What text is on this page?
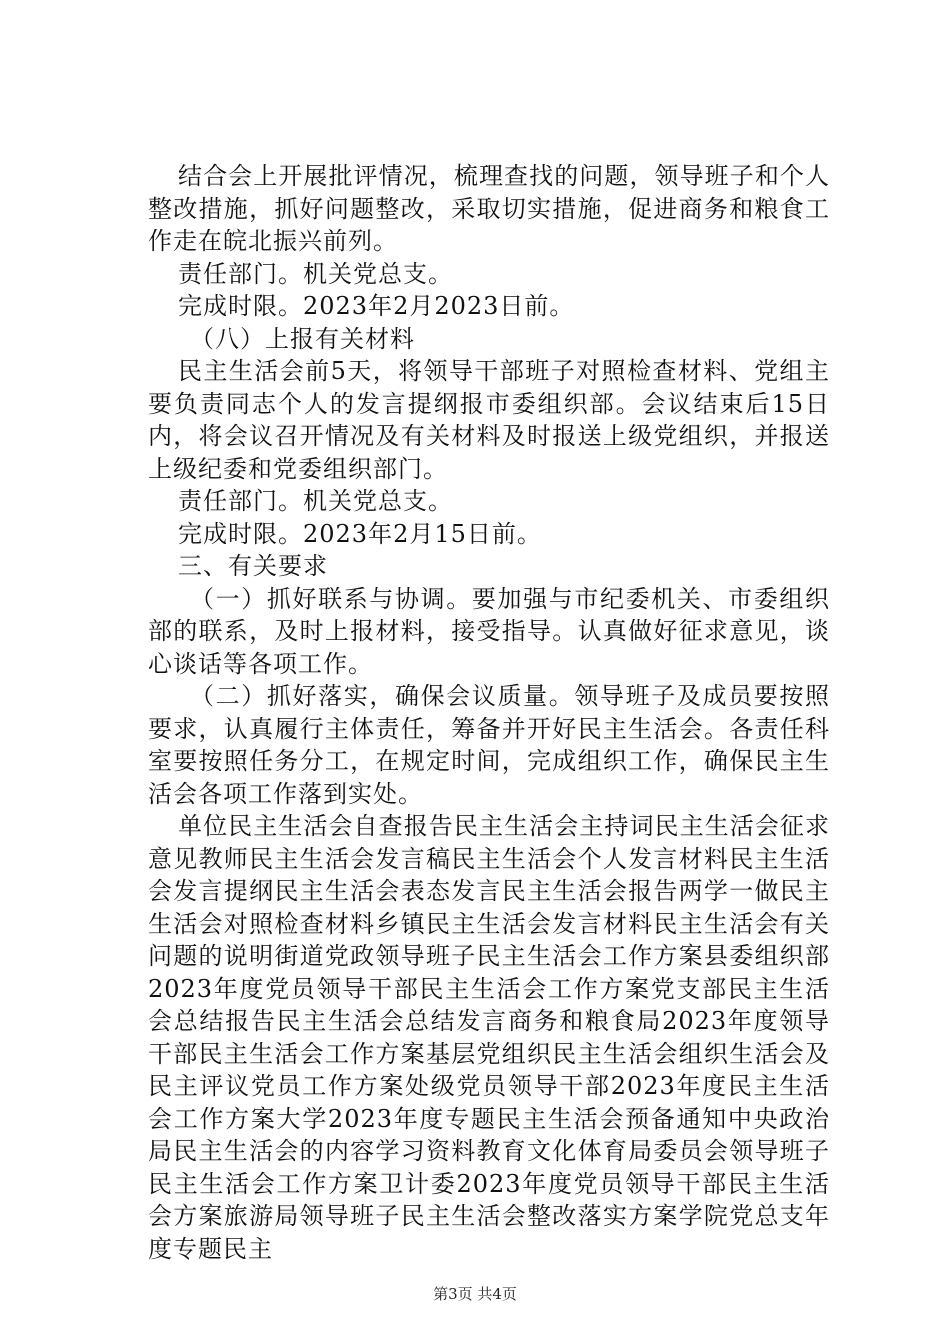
结合会上开展批评情况，梳理查找的问题，领导班子和个人整改措施，抓好问题整改，采取切实措施，促进商务和粮食工作走在皖北振兴前列。

责任部门。机关党总支。

完成时限。2023年2月2023日前。

（八）上报有关材料

民主生活会前5天，将领导干部班子对照检查材料、党组主要负责同志个人的发言提纲报市委组织部。会议结束后15日内，将会议召开情况及有关材料及时报送上级党组织，并报送上级纪委和党委组织部门。

责任部门。机关党总支。

完成时限。2023年2月15日前。

三、有关要求

（一）抓好联系与协调。要加强与市纪委机关、市委组织部的联系，及时上报材料，接受指导。认真做好征求意见，谈心谈话等各项工作。

（二）抓好落实，确保会议质量。领导班子及成员要按照要求，认真履行主体责任，筹备并开好民主生活会。各责任科室要按照任务分工，在规定时间，完成组织工作，确保民主生活会各项工作落到实处。

单位民主生活会自查报告民主生活会主持词民主生活会征求意见教师民主生活会发言稿民主生活会个人发言材料民主生活会发言提纲民主生活会表态发言民主生活会报告两学一做民主生活会对照检查材料乡镇民主生活会发言材料民主生活会有关问题的说明街道党政领导班子民主生活会工作方案县委组织部2023年度党员领导干部民主生活会工作方案党支部民主生活会总结报告民主生活会总结发言商务和粮食局2023年度领导干部民主生活会工作方案基层党组织民主生活会组织生活会及民主评议党员工作方案处级党员领导干部2023年度民主生活会工作方案大学2023年度专题民主生活会预备通知中央政治局民主生活会的内容学习资料教育文化体育局委员会领导班子民主生活会工作方案卫计委2023年度党员领导干部民主生活会方案旅游局领导班子民主生活会整改落实方案学院党总支年度专题民主

第3页 共4页
